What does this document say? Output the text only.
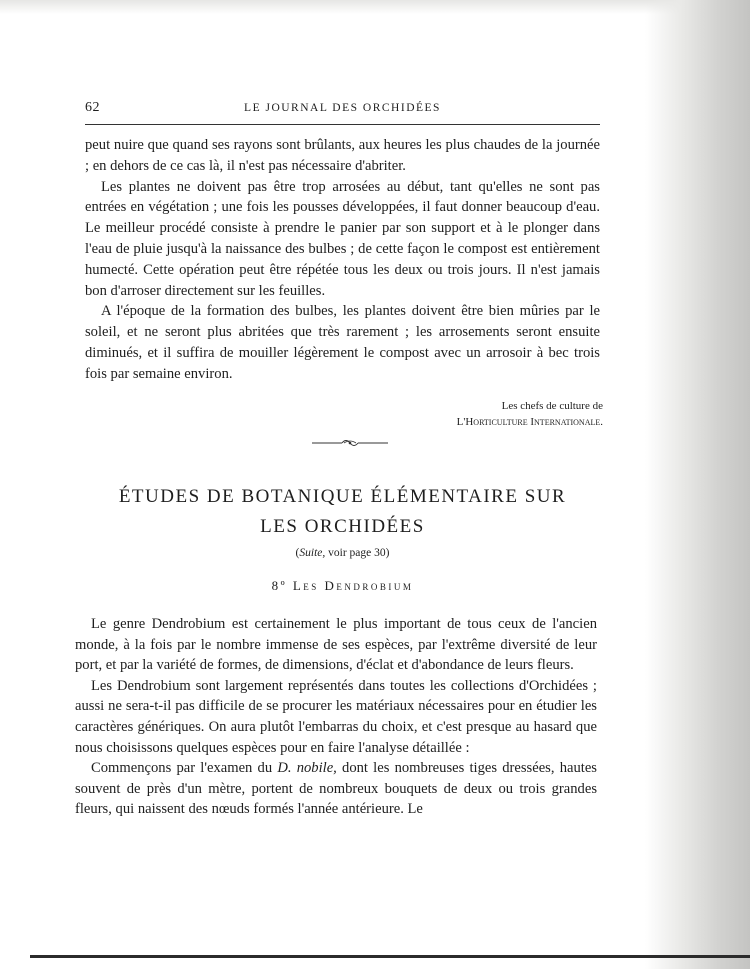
62	LE JOURNAL DES ORCHIDÉES

peut nuire que quand ses rayons sont brûlants, aux heures les plus chaudes de la journée ; en dehors de ce cas là, il n'est pas nécessaire d'abriter.

Les plantes ne doivent pas être trop arrosées au début, tant qu'elles ne sont pas entrées en végétation ; une fois les pousses développées, il faut donner beaucoup d'eau. Le meilleur procédé consiste à prendre le panier par son support et à le plonger dans l'eau de pluie jusqu'à la naissance des bulbes ; de cette façon le compost est entièrement humecté. Cette opération peut être répétée tous les deux ou trois jours. Il n'est jamais bon d'arroser directement sur les feuilles.

A l'époque de la formation des bulbes, les plantes doivent être bien mûries par le soleil, et ne seront plus abritées que très rarement ; les arrosements seront ensuite diminués, et il suffira de mouiller légèrement le compost avec un arrosoir à bec trois fois par semaine environ.

Les chefs de culture de
L'Horticulture Internationale.
ÉTUDES DE BOTANIQUE ÉLÉMENTAIRE SUR
LES ORCHIDÉES
(Suite, voir page 30)
8º Les Dendrobium

Le genre Dendrobium est certainement le plus important de tous ceux de l'ancien monde, à la fois par le nombre immense de ses espèces, par l'extrême diversité de leur port, et par la variété de formes, de dimensions, d'éclat et d'abondance de leurs fleurs.

Les Dendrobium sont largement représentés dans toutes les collections d'Orchidées ; aussi ne sera-t-il pas difficile de se procurer les matériaux nécessaires pour en étudier les caractères génériques. On aura plutôt l'embarras du choix, et c'est presque au hasard que nous choisissons quelques espèces pour en faire l'analyse détaillée :

Commençons par l'examen du D. nobile, dont les nombreuses tiges dressées, hautes souvent de près d'un mètre, portent de nombreux bouquets de deux ou trois grandes fleurs, qui naissent des nœuds formés l'année antérieure. Le
